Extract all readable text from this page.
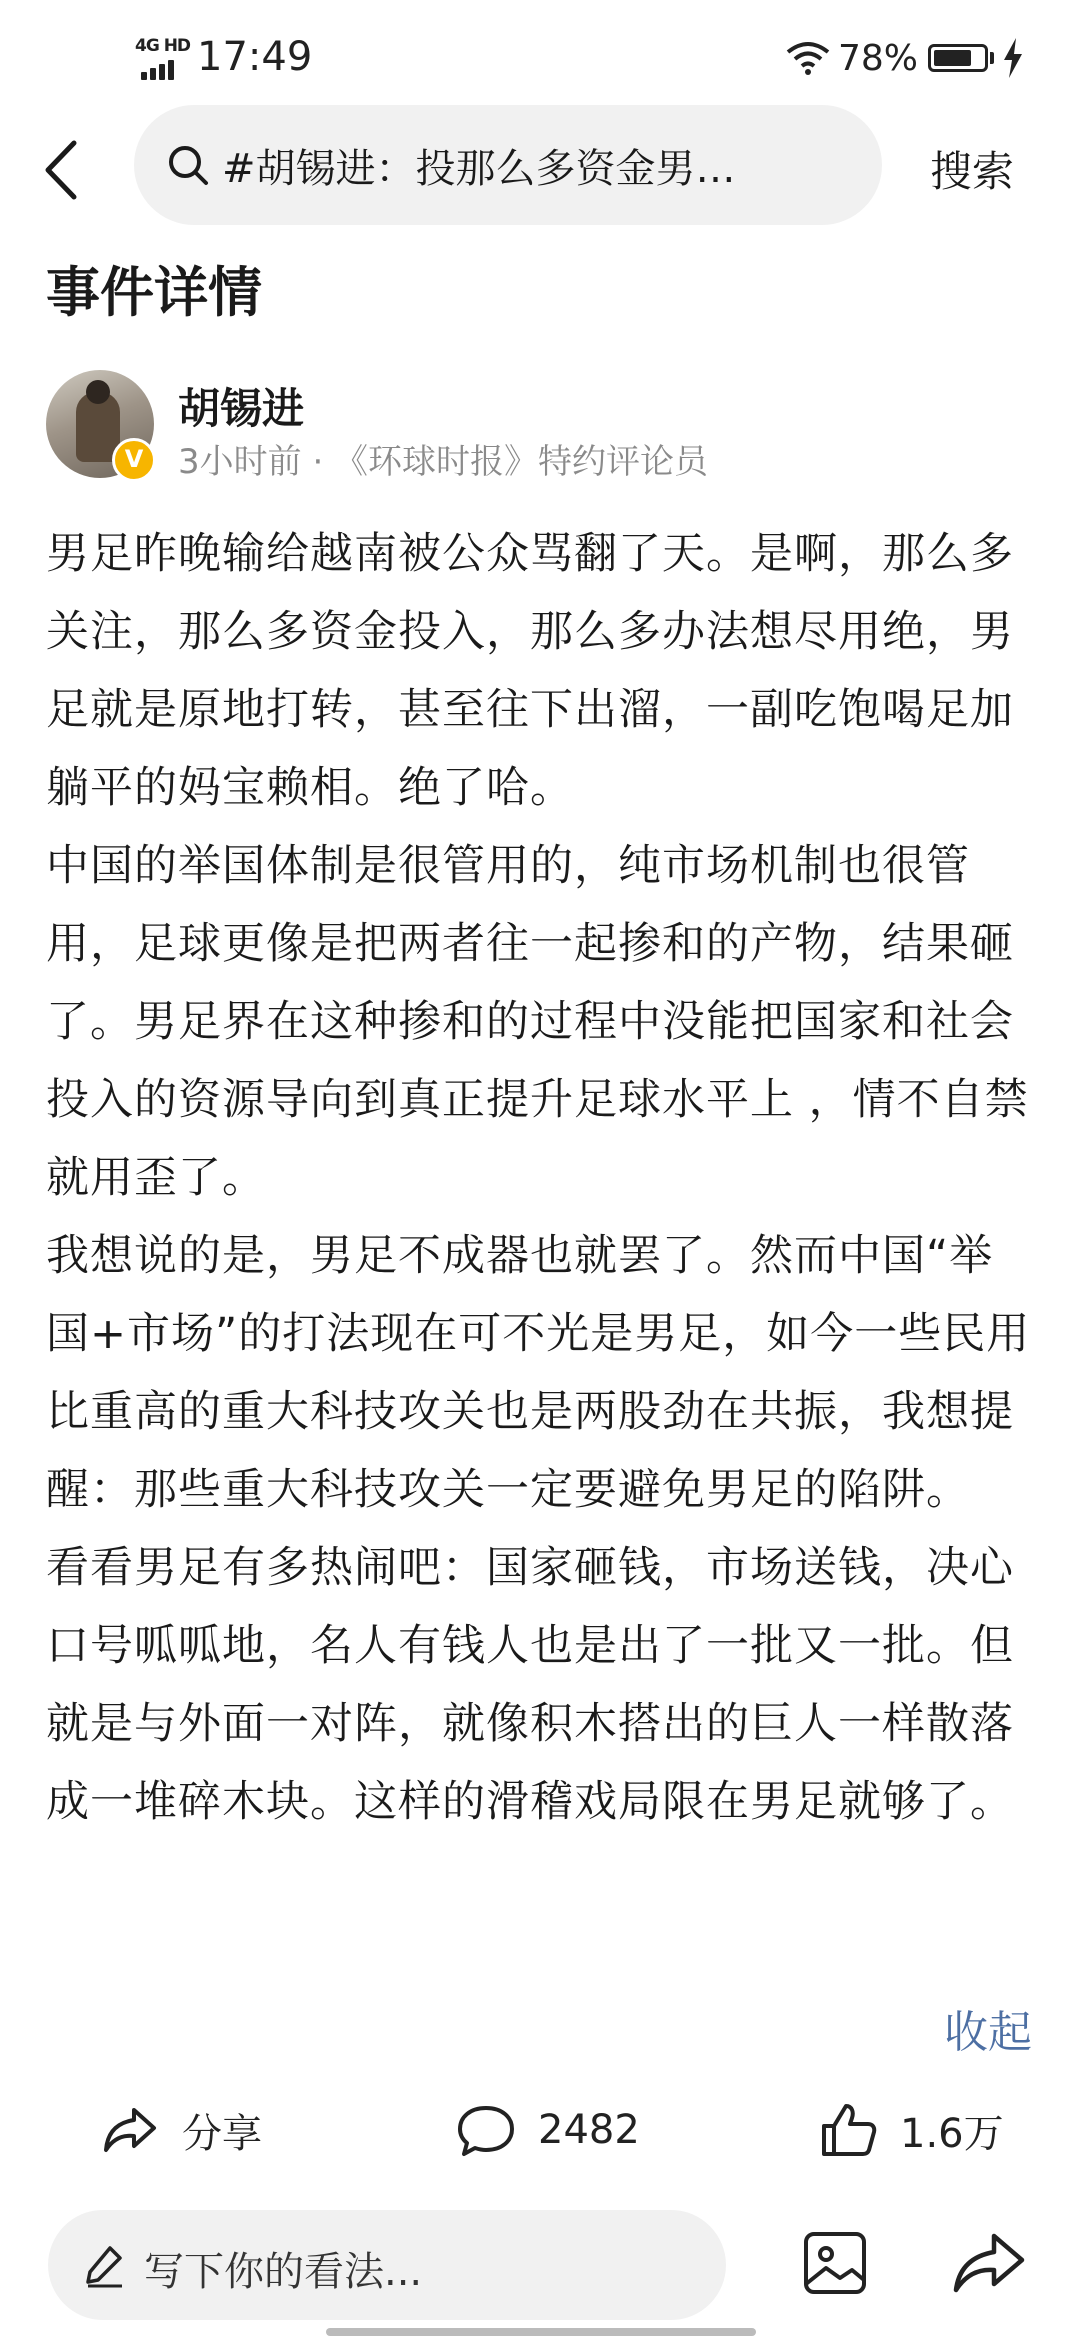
4G HD 17:49	78%
#胡锡进：投那么多资金男…	搜索
事件详情
V
胡锡进
3小时前 · 《环球时报》特约评论员

男足昨晚输给越南被公众骂翻了天。是啊，那么多关注，那么多资金投入，那么多办法想尽用绝，男足就是原地打转，甚至往下出溜，一副吃饱喝足加躺平的妈宝赖相。绝了哈。

中国的举国体制是很管用的，纯市场机制也很管用，足球更像是把两者往一起掺和的产物，结果砸了。男足界在这种掺和的过程中没能把国家和社会投入的资源导向到真正提升足球水平上 ，情不自禁就用歪了。

我想说的是，男足不成器也就罢了。然而中国“举国+市场”的打法现在可不光是男足，如今一些民用比重高的重大科技攻关也是两股劲在共振，我想提醒：那些重大科技攻关一定要避免男足的陷阱。

看看男足有多热闹吧：国家砸钱，市场送钱，决心口号呱呱地，名人有钱人也是出了一批又一批。但就是与外面一对阵，就像积木搭出的巨人一样散落成一堆碎木块。这样的滑稽戏局限在男足就够了。

收起
分享	2482	1.6万
写下你的看法...
